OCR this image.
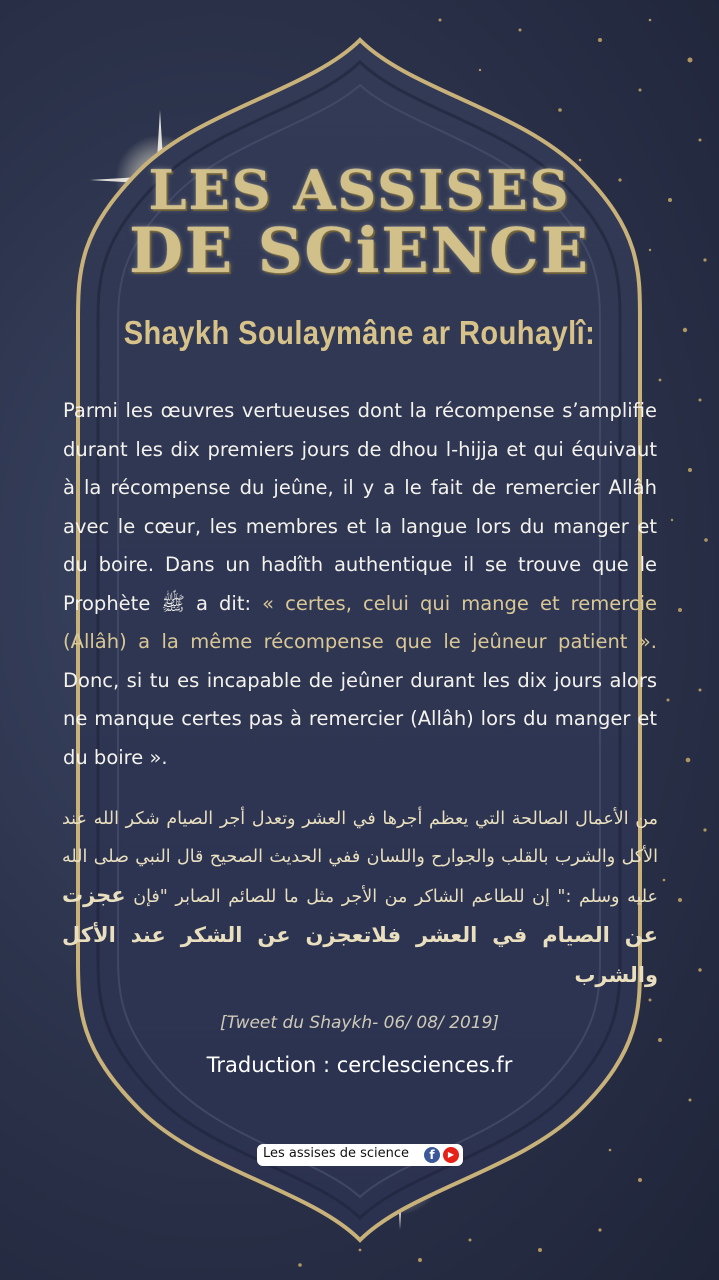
LES ASSISES
DE SCiENCE
Shaykh Soulaymâne ar Rouhaylî:
Parmi les œuvres vertueuses dont la récompense s’amplifie durant les dix premiers jours de dhou l-hijja et qui équivaut à la récompense du jeûne, il y a le fait de remercier Allâh avec le cœur, les membres et la langue lors du manger et du boire. Dans un hadîth authentique il se trouve que le Prophète ﷺ a dit: « certes, celui qui mange et remercie (Allâh) a la même récompense que le jeûneur patient ». Donc, si tu es incapable de jeûner durant les dix jours alors ne manque certes pas à remercier (Allâh) lors du manger et du boire ».
من الأعمال الصالحة التي يعظم أجرها في العشر وتعدل أجر الصيام شكر الله عند الأكل والشرب بالقلب والجوارح واللسان ففي الحديث الصحيح قال النبي صلى الله عليه وسلم :" إن للطاعم الشاكر من الأجر مثل ما للصائم الصابر "فإن عجزت عن الصيام في العشر فلاتعجزن عن الشكر عند الأكل والشرب
[Tweet du Shaykh- 06/ 08/ 2019]
Traduction : cerclesciences.fr
Les assises de science	f	▶
